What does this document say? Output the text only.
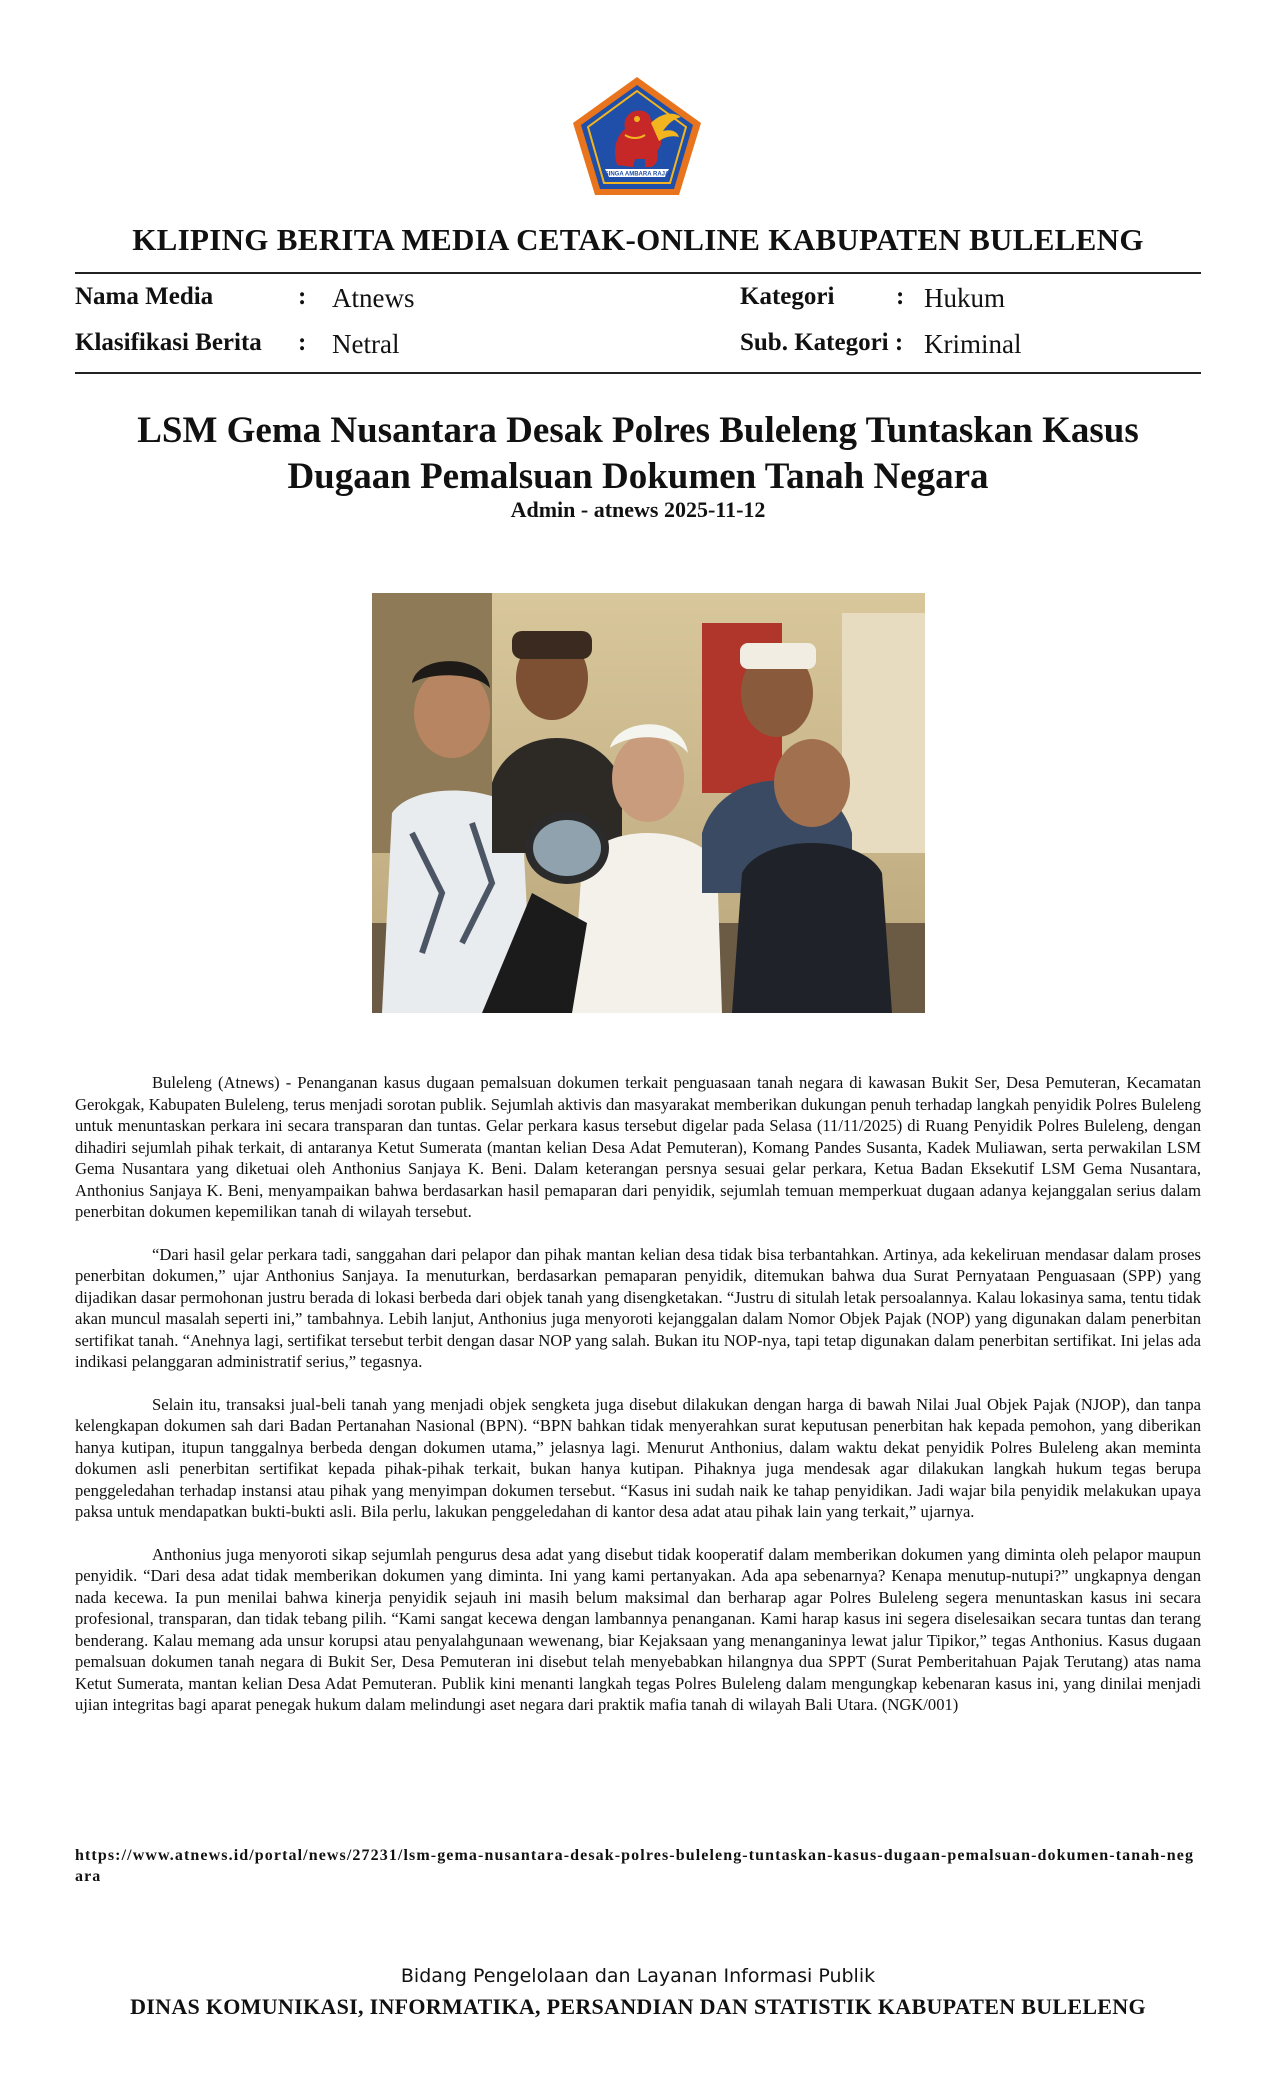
SINGA AMBARA RAJA
KLIPING BERITA MEDIA CETAK-ONLINE KABUPATEN BULELENG
Nama Media	: Atnews
Klasifikasi Berita : Netral
Kategori : Hukum
Sub. Kategori : Kriminal
LSM Gema Nusantara Desak Polres Buleleng Tuntaskan Kasus Dugaan Pemalsuan Dokumen Tanah Negara
Admin - atnews 2025-11-12

Buleleng (Atnews) - Penanganan kasus dugaan pemalsuan dokumen terkait penguasaan tanah negara di kawasan Bukit Ser, Desa Pemuteran, Kecamatan Gerokgak, Kabupaten Buleleng, terus menjadi sorotan publik. Sejumlah aktivis dan masyarakat memberikan dukungan penuh terhadap langkah penyidik Polres Buleleng untuk menuntaskan perkara ini secara transparan dan tuntas. Gelar perkara kasus tersebut digelar pada Selasa (11/11/2025) di Ruang Penyidik Polres Buleleng, dengan dihadiri sejumlah pihak terkait, di antaranya Ketut Sumerata (mantan kelian Desa Adat Pemuteran), Komang Pandes Susanta, Kadek Muliawan, serta perwakilan LSM Gema Nusantara yang diketuai oleh Anthonius Sanjaya K. Beni. Dalam keterangan persnya sesuai gelar perkara, Ketua Badan Eksekutif LSM Gema Nusantara, Anthonius Sanjaya K. Beni, menyampaikan bahwa berdasarkan hasil pemaparan dari penyidik, sejumlah temuan memperkuat dugaan adanya kejanggalan serius dalam penerbitan dokumen kepemilikan tanah di wilayah tersebut.

“Dari hasil gelar perkara tadi, sanggahan dari pelapor dan pihak mantan kelian desa tidak bisa terbantahkan. Artinya, ada kekeliruan mendasar dalam proses penerbitan dokumen,” ujar Anthonius Sanjaya. Ia menuturkan, berdasarkan pemaparan penyidik, ditemukan bahwa dua Surat Pernyataan Penguasaan (SPP) yang dijadikan dasar permohonan justru berada di lokasi berbeda dari objek tanah yang disengketakan. “Justru di situlah letak persoalannya. Kalau lokasinya sama, tentu tidak akan muncul masalah seperti ini,” tambahnya. Lebih lanjut, Anthonius juga menyoroti kejanggalan dalam Nomor Objek Pajak (NOP) yang digunakan dalam penerbitan sertifikat tanah. “Anehnya lagi, sertifikat tersebut terbit dengan dasar NOP yang salah. Bukan itu NOP-nya, tapi tetap digunakan dalam penerbitan sertifikat. Ini jelas ada indikasi pelanggaran administratif serius,” tegasnya.

Selain itu, transaksi jual-beli tanah yang menjadi objek sengketa juga disebut dilakukan dengan harga di bawah Nilai Jual Objek Pajak (NJOP), dan tanpa kelengkapan dokumen sah dari Badan Pertanahan Nasional (BPN). “BPN bahkan tidak menyerahkan surat keputusan penerbitan hak kepada pemohon, yang diberikan hanya kutipan, itupun tanggalnya berbeda dengan dokumen utama,” jelasnya lagi. Menurut Anthonius, dalam waktu dekat penyidik Polres Buleleng akan meminta dokumen asli penerbitan sertifikat kepada pihak-pihak terkait, bukan hanya kutipan. Pihaknya juga mendesak agar dilakukan langkah hukum tegas berupa penggeledahan terhadap instansi atau pihak yang menyimpan dokumen tersebut. “Kasus ini sudah naik ke tahap penyidikan. Jadi wajar bila penyidik melakukan upaya paksa untuk mendapatkan bukti-bukti asli. Bila perlu, lakukan penggeledahan di kantor desa adat atau pihak lain yang terkait,” ujarnya.

Anthonius juga menyoroti sikap sejumlah pengurus desa adat yang disebut tidak kooperatif dalam memberikan dokumen yang diminta oleh pelapor maupun penyidik. “Dari desa adat tidak memberikan dokumen yang diminta. Ini yang kami pertanyakan. Ada apa sebenarnya? Kenapa menutup-nutupi?” ungkapnya dengan nada kecewa. Ia pun menilai bahwa kinerja penyidik sejauh ini masih belum maksimal dan berharap agar Polres Buleleng segera menuntaskan kasus ini secara profesional, transparan, dan tidak tebang pilih. “Kami sangat kecewa dengan lambannya penanganan. Kami harap kasus ini segera diselesaikan secara tuntas dan terang benderang. Kalau memang ada unsur korupsi atau penyalahgunaan wewenang, biar Kejaksaan yang menanganinya lewat jalur Tipikor,” tegas Anthonius. Kasus dugaan pemalsuan dokumen tanah negara di Bukit Ser, Desa Pemuteran ini disebut telah menyebabkan hilangnya dua SPPT (Surat Pemberitahuan Pajak Terutang) atas nama Ketut Sumerata, mantan kelian Desa Adat Pemuteran. Publik kini menanti langkah tegas Polres Buleleng dalam mengungkap kebenaran kasus ini, yang dinilai menjadi ujian integritas bagi aparat penegak hukum dalam melindungi aset negara dari praktik mafia tanah di wilayah Bali Utara. (NGK/001)

https://www.atnews.id/portal/news/27231/lsm-gema-nusantara-desak-polres-buleleng-tuntaskan-kasus-dugaan-pemalsuan-dokumen-tanah-negara
Bidang Pengelolaan dan Layanan Informasi Publik
DINAS KOMUNIKASI, INFORMATIKA, PERSANDIAN DAN STATISTIK KABUPATEN BULELENG
